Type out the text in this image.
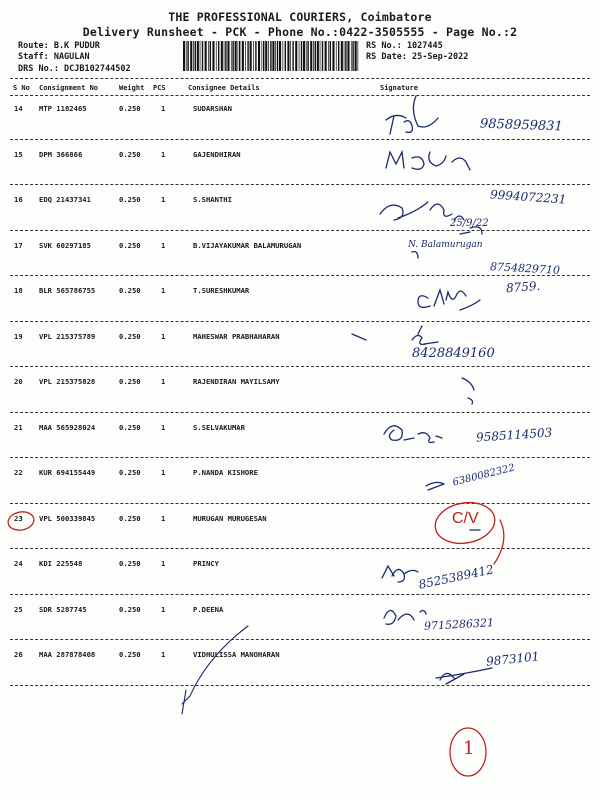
THE PROFESSIONAL COURIERS, Coimbatore
Delivery Runsheet - PCK - Phone No.:0422-3505555 - Page No.:2
Route: B.K PUDUR
Staff: NAGULAN
DRS No.: DCJB102744502
RS No.: 1027445
RS Date: 25-Sep-2022
S No Consignment No	Weight PCS	Consignee Details	Signature
14 MTP 1182465	0.250	1	SUDARSHAN
15 DPM 366866	0.250	1	GAJENDHIRAN
16 EDQ 21437341	0.250	1	S.SHANTHI
17 SVK 60297185	0.250	1	B.VIJAYAKUMAR BALAMURUGAN
18 BLR 565786755	0.250	1	T.SURESHKUMAR
19 VPL 215375789	0.250	1	MAHESWAR PRABHAHARAN
20 VPL 215375828	0.250	1	RAJENDIRAN MAYILSAMY
21 MAA 565928024	0.250	1	S.SELVAKUMAR
22 KUR 694155449	0.250	1	P.NANDA KISHORE
23 VPL 500339845	0.250	1	MURUGAN MURUGESAN
24 KDI 225548	0.250	1	PRINCY
25 SDR 5287745	0.250	1	P.DEENA
26 MAA 287878408	0.250	1	VIDHULISSA MANOHARAN
9858959831
9994072231
25/9/22
N. Balamurugan
8754829710
8759.
8428849160
9585114503
6380082322
C/V
8525389412
9715286321
9873101
1
